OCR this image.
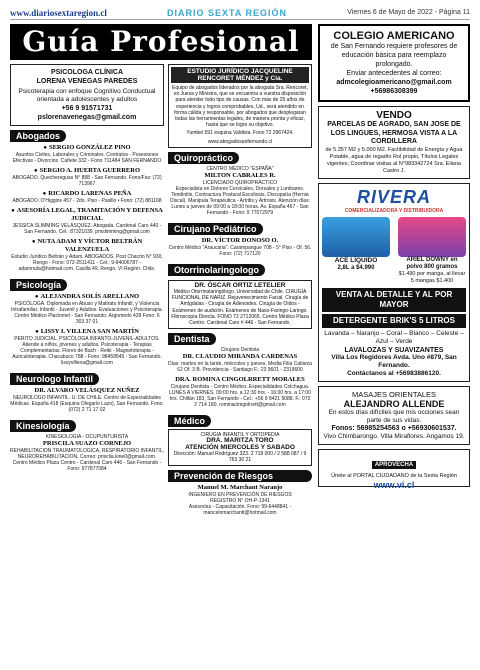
www.diariosextaregion.cl	DIARIO SEXTA REGIÓN	Viernes 6 de Mayo de 2022 - Página 11
Guía Profesional
PSICOLOGA CLÍNICA
LORENA VENEGAS PAREDES

Psicoterapia con enfoque Cognitivo Conductual orientada a adolescentes y adultos

+56 9 91571731
pslorenavenegas@gmail.com
Abogados
● SERGIO GONZÁLEZ PINO
Asuntos Civiles, Laborales y Criminales. Contratos - Posesiones Efectivas - Divorcios. Cañete 332 - Fono 711484 SAN FERNANDO
● SERGIO A. HUERTA GUERRERO
ABOGADO. Quechereguas N° 888 - San Fernando. Fono/Fax: (72) 713967
● RICARDO LARENAS PEÑA
ABOGADO. O'Higgins 457 - 2do. Piso - Pasillo • Fono: (72) 881168
● ASESORÍA LEGAL, TRAMITACIÓN Y DEFENSA JUDICIAL
JESSICA SLIMMING VELÁSQUEZ. Abogada. Cardenal Caro 440 - San Fernando. Cel.: 87321039. pmslimming@gmail.com
● NUTA ADAM Y VÍCTOR BELTRÁN VALENZUELA
Estudio Jurídico Beltrán y Adam. ABOGADOS. Post Chacón N° 930, Rengo - Fono: 072-2511411 - Cel.: 9-94006787 - adamnuta@hotmail.com. Casilla 49, Rengo. VI Región. Chile.
Psicología
● ALEJANDRA SOLÍS ARELLANO
PSICÓLOGA. Diplomada en Abuso y Maltrato Infantil, y Violencia Intrafamiliar. Infantil - Juvenil y Adultos. Evaluaciones y Psicoterapia. Centro Médico Placiomel - San Fernando. Argomedo 428 Fono: 6 303 37 01
● LISSY I. VILLENA SAN MARTÍN
PERITO JUDICIAL. PSICÓLOGA INFANTO-JUVENIL-ADULTOS. Atiende a niños, jóvenes y adultos. Psicoterapia - Terapias Complementarias. Flores de Bach - Reiki - Magnetoterapia - Auriculoterapia. Chacabuco 788 - Fono: 98459545 - San Fernando. lissyvillena@gmail.com
Neurologo Infantil
DR. ALVARO VELÁSQUEZ NUÑEZ
NEUROLOGO INFANTIL. U. DE CHILE. Centro de Especialidades Médicas. España 418 (Esquina Olegario Lazo), San Fernando. Fono: (072) 2 71 17 02
Kinesiología
KINESIOLOGIA - OCUPUNTURISTA
PRISCILA SUAZO CORNEJO
REHABILITACION TRAUMATOLOGICA, RESPIRATORIO INFANTIL, NEUROREHABILITACION. Correo: priscila.kine0@gmail.com. Centro Médico Plaza Centro - Cardenal Caro 446 - San Fernando - Fono: 977877084
ESTUDIO JURÍDICO JACQUELINE RENCORET MÉNDEZ y Cía.

Equipo de abogados liderados por la abogada Sra. Rencoret, ex Jueza y Ministra, que se encuentra a vuestra disposición para atender todo tipo de causas. Con más de 25 años de experiencia y logros comprobables, Ud., será atendido en forma cálida y responsable, por abogados que desplegaran todas las herramientas legales, de manera pronta y eficaz, hasta que se logre su objetivo.

Yumbel 591 esquina Valdivia. Fono 72 2967424.

www.abogadosanfernando.cl

Quiropráctico
CENTRO MÉDICO "ESPAÑA"
MILTON CABRALES R.
LICENCIADO QUIROPRÁCTICO
Especialista en Dolores Cervicales, Dorsales y Lumbares. Tendinitis, Contractura Postural Escoliosis, Discopatía (Hernia Discal). Manipula Terapéutica - Artritis y Artrosis. Atención días: Lunes a jueves de 09:00 a 18:00 horas. Av. España 467 - San Fernando - Fono: 9 77072979
Cirujano Pediátrico
DR. VÍCTOR DONOSO O.
Centro Médico "Araucaria". Carampangue 708 - 5° Piso - Of. 56. Fono: (72) 717120
Otorrinolaringologo

DR. ÓSCAR ORTIZ LETELIER

Médico Otorrinolaringólogo. Universidad de Chile. CIRUGÍA FUNCIONAL DE NARIZ. Rejuvenecimiento Facial. Cirugía de Amígdalas - Cirugía de Adenoides. Cirugía de Oídos - Exámenes de audición. Exámenes de Naso-Faringo-Laringo. Fibroscopía Directa. FONO 72 2712065. Centro Médico Plaza Centro. Cardenal Caro # 446 - San Fernando.

Dentista
Cirujano Dentista
DR. CLAUDIO MIRANDA CARDENAS
Días: martes en la tarde, miércoles y jueves. Media Filia Cabieza 62 Of. 3 B. Providencia - Santiago F.: 23 9601 - 2319600
DRA. ROMINA CINGOLRRETT MORALES
Cirujano Dentista - Centro Médico. Especialidades Colchagua. LUNES A VIERNES. 09:00 hrs. a 12:30 hrs. - 16:00 hrs. a 17:00 hrs. Chillán 183, San Fernando - Cel.: +56 9 8421 9088. F.: 072 2 714 180. rominacimgolrrett@gmail.com
Médico
CIRUGIA INFANTIL Y ORTOPEDIA
DRA. MARITZA TORO
ATENCIÓN MIERCOLES Y SABADO
Dirección: Manuel Rodríguez 323. 2 718 000 / 2 588 087 / 9 763 30 21
Prevención de Riesgos
Manuel M. Marchant Naranjo
INGENIERO EN PREVENCIÓN DE RIESGOS
REGISTRO N° OH-P-1341
Asesorías - Capacitación. Fono: 99-6448841 - mancelomarchantt@hotmail.com
COLEGIO AMERICANO

de San Fernando requiere profesores de educación básica para reemplazo prolongado.

Enviar antecedentes al correo:

admcolegioamericano@gmail.com

+56986308399

VENDO
PARCELAS DE AGRADO, SAN JOSE DE LOS LINGUES, HERMOSA VISTA A LA CORDILLERA

de 5.357 M2 y 5.000 M2. Factibilidad de Energía y Agua Potable, agua de regadío Rol propio, Títulos Legales vigentes; Coordinar visitas al N°983342724 Sra. Eliana Castro J.

RIVERA
COMERCIALIZADORA Y DISTRIBUIDORA
ACE LÍQUIDO
2,8L a $4.990
ARIEL DOWNY en polvo 800 gramos
$1.490 por manga, al llevar 5 mangas $1.400
VENTA AL DETALLE Y AL POR MAYOR
DETERGENTE BRIK'S 5 LITROS
Lavanda – Naranjo – Coral – Blanco – Celeste – Azul – Verde
LAVALOZAS Y SUAVIZANTES
Villa Los Regidores Avda. Uno #879, San Fernando.
Contáctanos al +56983886120.
MASAJES ORIENTALES
ALEJANDRO ALLENDE

En estos días difíciles que mis occiones sean parte de sus vidas.

Fonos: 56985254563 o +56930601537.

Vivo Chimbarongo. Villa Miraflores. Angamos 19.

APROVECHA
Únete al PORTAL CIUDADANO de la Sexta Región
www.vi.cl
